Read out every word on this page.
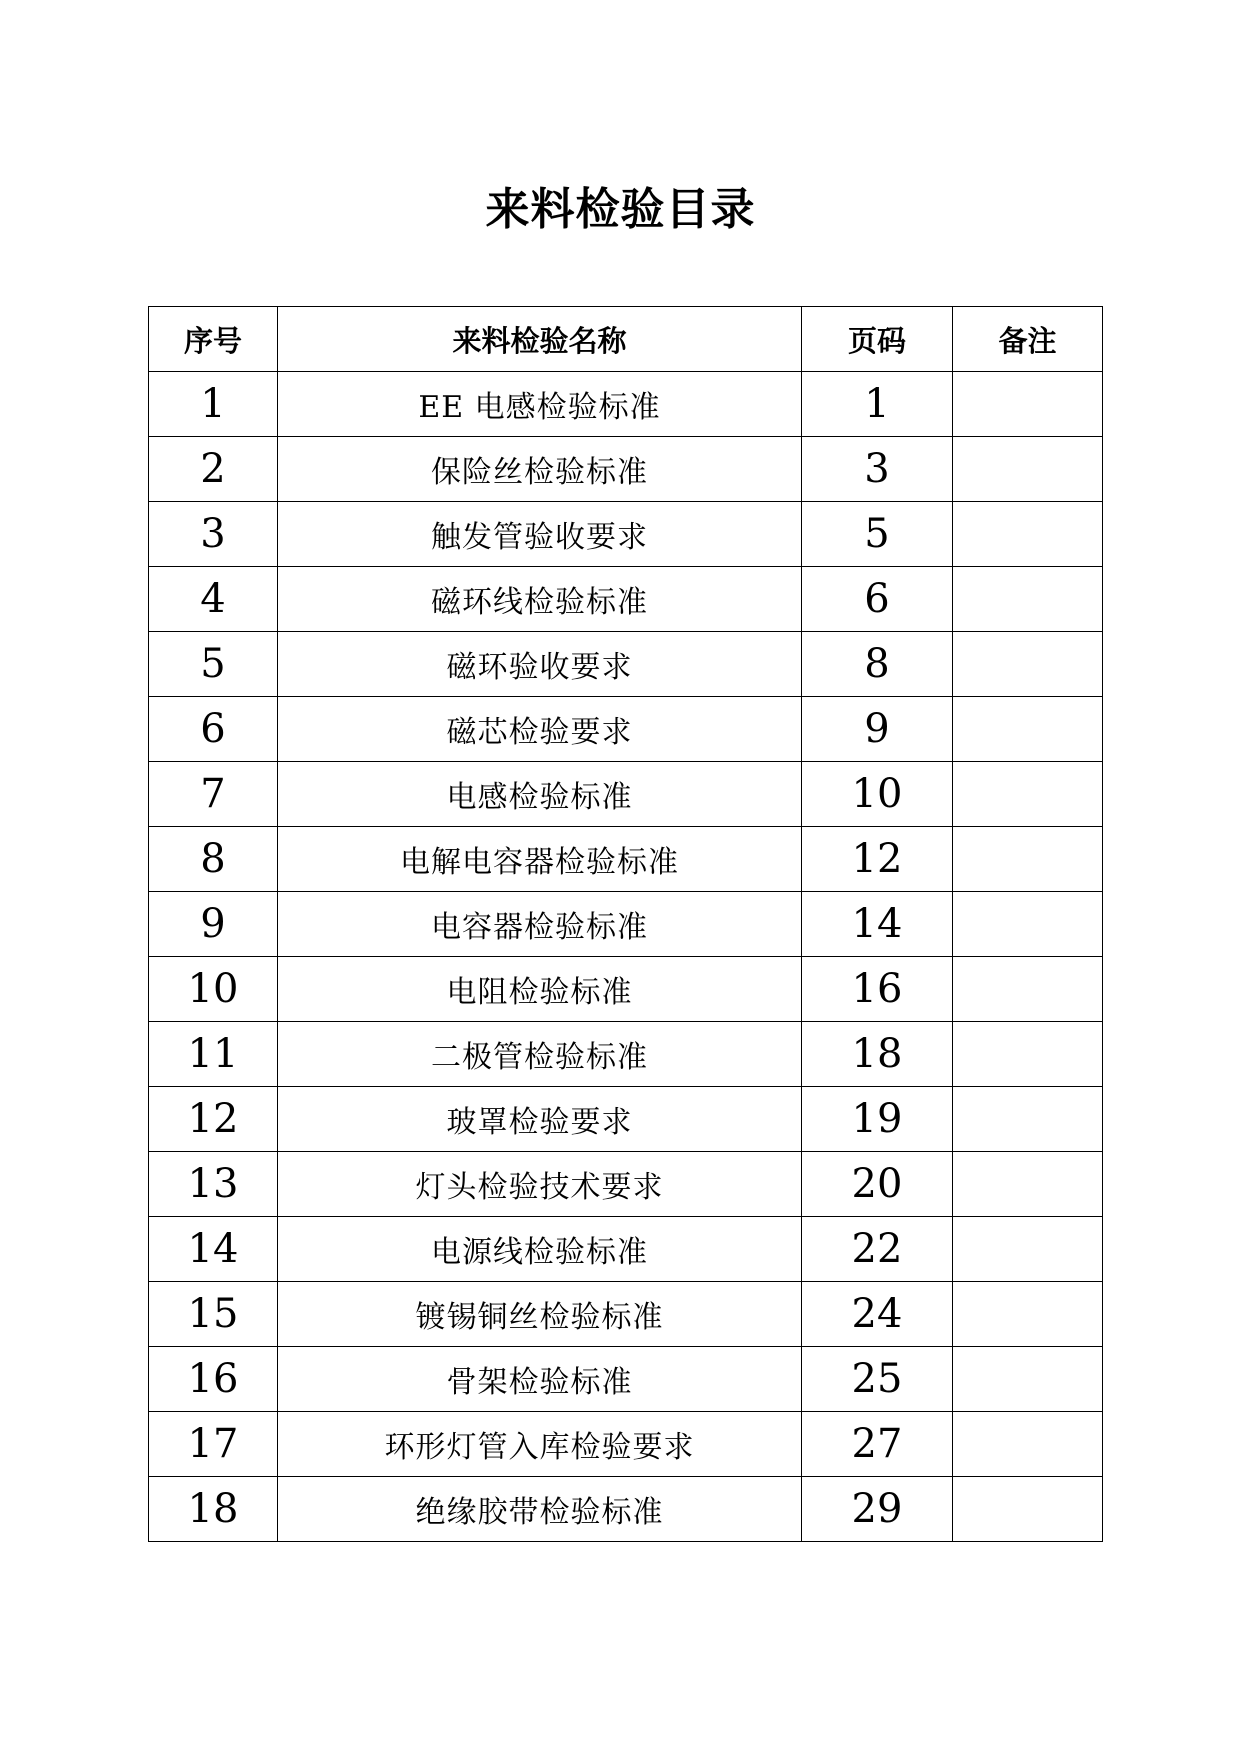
来料检验目录
序号	来料检验名称	页码	备注
1	EE 电感检验标准	1	
2	保险丝检验标准	3	
3	触发管验收要求	5	
4	磁环线检验标准	6	
5	磁环验收要求	8	
6	磁芯检验要求	9	
7	电感检验标准	10	
8	电解电容器检验标准	12	
9	电容器检验标准	14	
10	电阻检验标准	16	
11	二极管检验标准	18	
12	玻罩检验要求	19	
13	灯头检验技术要求	20	
14	电源线检验标准	22	
15	镀锡铜丝检验标准	24	
16	骨架检验标准	25	
17	环形灯管入库检验要求	27	
18	绝缘胶带检验标准	29	
